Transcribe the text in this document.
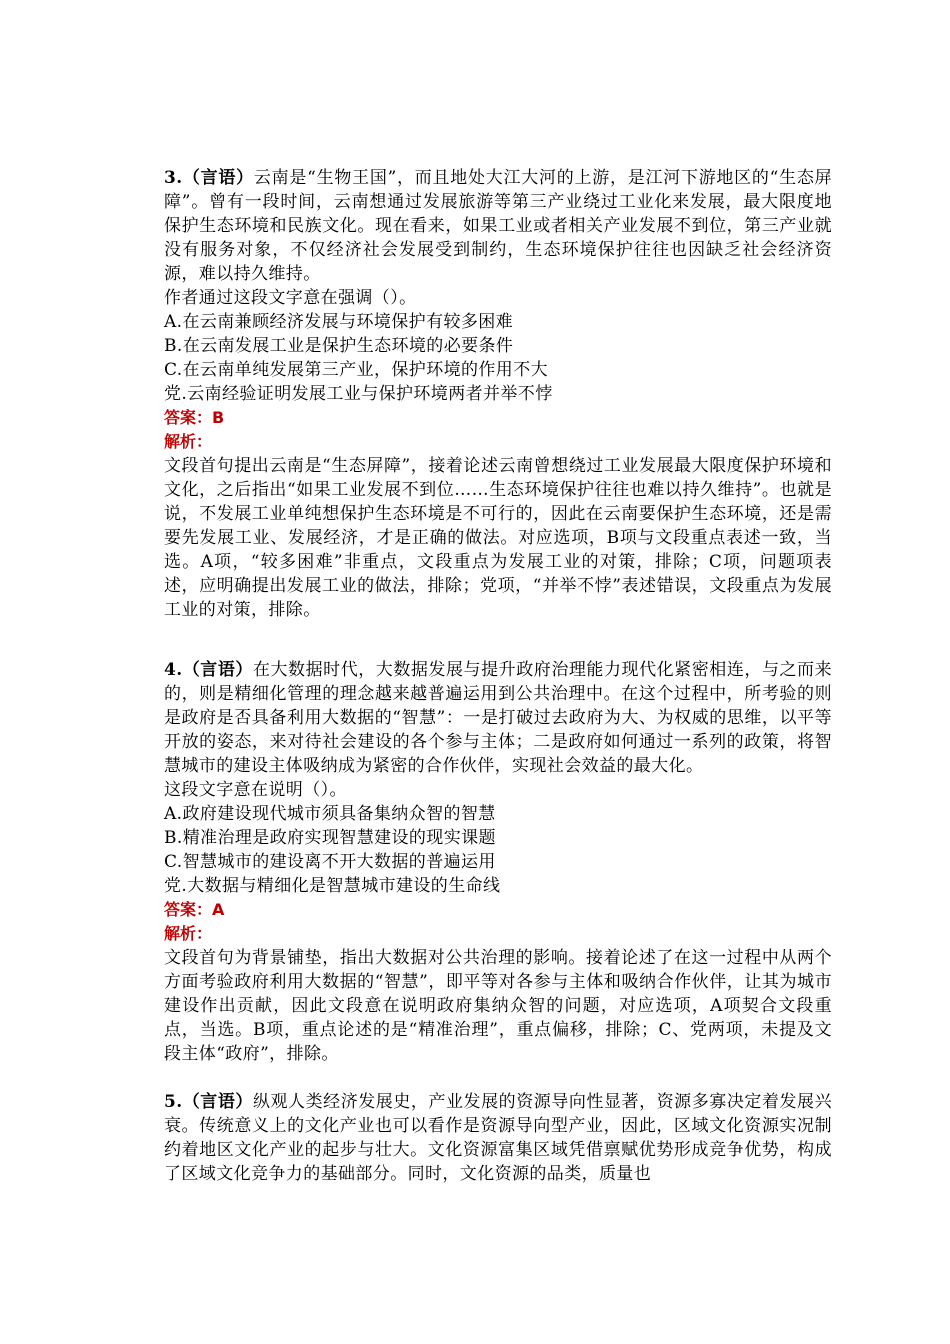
3.（言语）云南是“生物王国”，而且地处大江大河的上游，是江河下游地区的“生态屏障”。曾有一段时间，云南想通过发展旅游等第三产业绕过工业化来发展，最大限度地保护生态环境和民族文化。现在看来，如果工业或者相关产业发展不到位，第三产业就没有服务对象，不仅经济社会发展受到制约，生态环境保护往往也因缺乏社会经济资源，难以持久维持。

作者通过这段文字意在强调（）。

A.在云南兼顾经济发展与环境保护有较多困难

B.在云南发展工业是保护生态环境的必要条件

C.在云南单纯发展第三产业，保护环境的作用不大

党.云南经验证明发展工业与保护环境两者并举不悖

答案：B

解析：

文段首句提出云南是“生态屏障”，接着论述云南曾想绕过工业发展最大限度保护环境和文化，之后指出“如果工业发展不到位……生态环境保护往往也难以持久维持”。也就是说，不发展工业单纯想保护生态环境是不可行的，因此在云南要保护生态环境，还是需要先发展工业、发展经济，才是正确的做法。对应选项，B项与文段重点表述一致，当选。A项，“较多困难”非重点，文段重点为发展工业的对策，排除；C项，问题项表述，应明确提出发展工业的做法，排除；党项，“并举不悖”表述错误，文段重点为发展工业的对策，排除。

4.（言语）在大数据时代，大数据发展与提升政府治理能力现代化紧密相连，与之而来的，则是精细化管理的理念越来越普遍运用到公共治理中。在这个过程中，所考验的则是政府是否具备利用大数据的“智慧”：一是打破过去政府为大、为权威的思维，以平等开放的姿态，来对待社会建设的各个参与主体；二是政府如何通过一系列的政策，将智慧城市的建设主体吸纳成为紧密的合作伙伴，实现社会效益的最大化。

这段文字意在说明（）。

A.政府建设现代城市须具备集纳众智的智慧

B.精准治理是政府实现智慧建设的现实课题

C.智慧城市的建设离不开大数据的普遍运用

党.大数据与精细化是智慧城市建设的生命线

答案：A

解析：

文段首句为背景铺垫，指出大数据对公共治理的影响。接着论述了在这一过程中从两个方面考验政府利用大数据的“智慧”，即平等对各参与主体和吸纳合作伙伴，让其为城市建设作出贡献，因此文段意在说明政府集纳众智的问题，对应选项，A项契合文段重点，当选。B项，重点论述的是“精准治理”，重点偏移，排除；C、党两项，未提及文段主体“政府”，排除。

5.（言语）纵观人类经济发展史，产业发展的资源导向性显著，资源多寡决定着发展兴衰。传统意义上的文化产业也可以看作是资源导向型产业，因此，区域文化资源实况制约着地区文化产业的起步与壮大。文化资源富集区域凭借禀赋优势形成竞争优势，构成了区域文化竞争力的基础部分。同时，文化资源的品类，质量也
